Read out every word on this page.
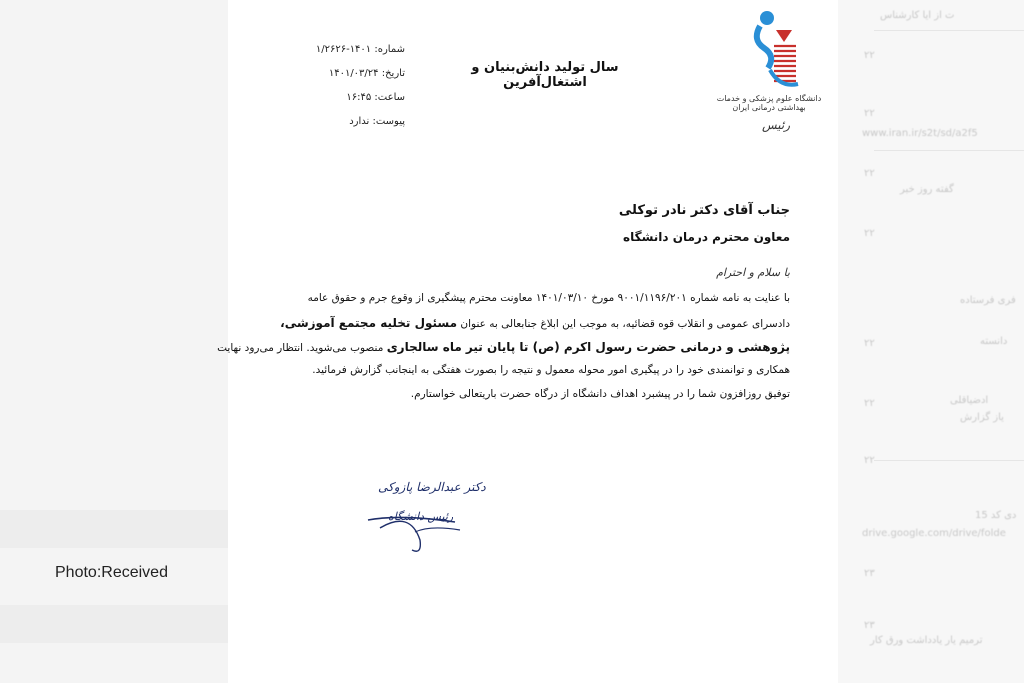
ت از ایا کارشناس
www.iran.ir/s2t/sd/a2f5
گفته روز خبر
فری فرستاده
دانسته
ادضیاقلی
یاز گزارش
دی کد 15
drive.google.com/drive/folde
ترمیم یار یادداشت ورق کار
۲۲
۲۲
۲۲
۲۲
۲۲
۲۲
۲۲
۲۳
۲۳
شماره: ۱۴۰۱-۱/۲۶۲۶
تاریخ: ۱۴۰۱/۰۳/۲۴
ساعت: ۱۶:۴۵
پیوست: ندارد
سال تولید دانش‌بنیان و اشتغال‌آفرین
دانشگاه علوم پزشکی و خدمات بهداشتی درمانی ایران
رئیس
جناب آقای دکتر نادر توکلی
معاون محترم درمان دانشگاه
با سلام و احترام
با عنایت به نامه شماره ۹۰۰۱/۱۱۹۶/۲۰۱ مورخ ۱۴۰۱/۰۳/۱۰ معاونت محترم پیشگیری از وقوع جرم و حقوق عامه
دادسرای عمومی و انقلاب قوه قضائیه، به موجب این ابلاغ جنابعالی به عنوان مسئول تخلیه مجتمع آموزشی،
پژوهشی و درمانی حضرت رسول اکرم (ص) تا پایان تیر ماه سالجاری منصوب می‌شوید. انتظار می‌رود نهایت
همکاری و توانمندی خود را در پیگیری امور محوله معمول و نتیجه را بصورت هفتگی به اینجانب گزارش فرمائید.
توفیق روزافزون شما را در پیشبرد اهداف دانشگاه از درگاه حضرت باریتعالی خواستارم.
دکتر عبدالرضا پازوکی
رئیس دانشگاه
Photo:Received
